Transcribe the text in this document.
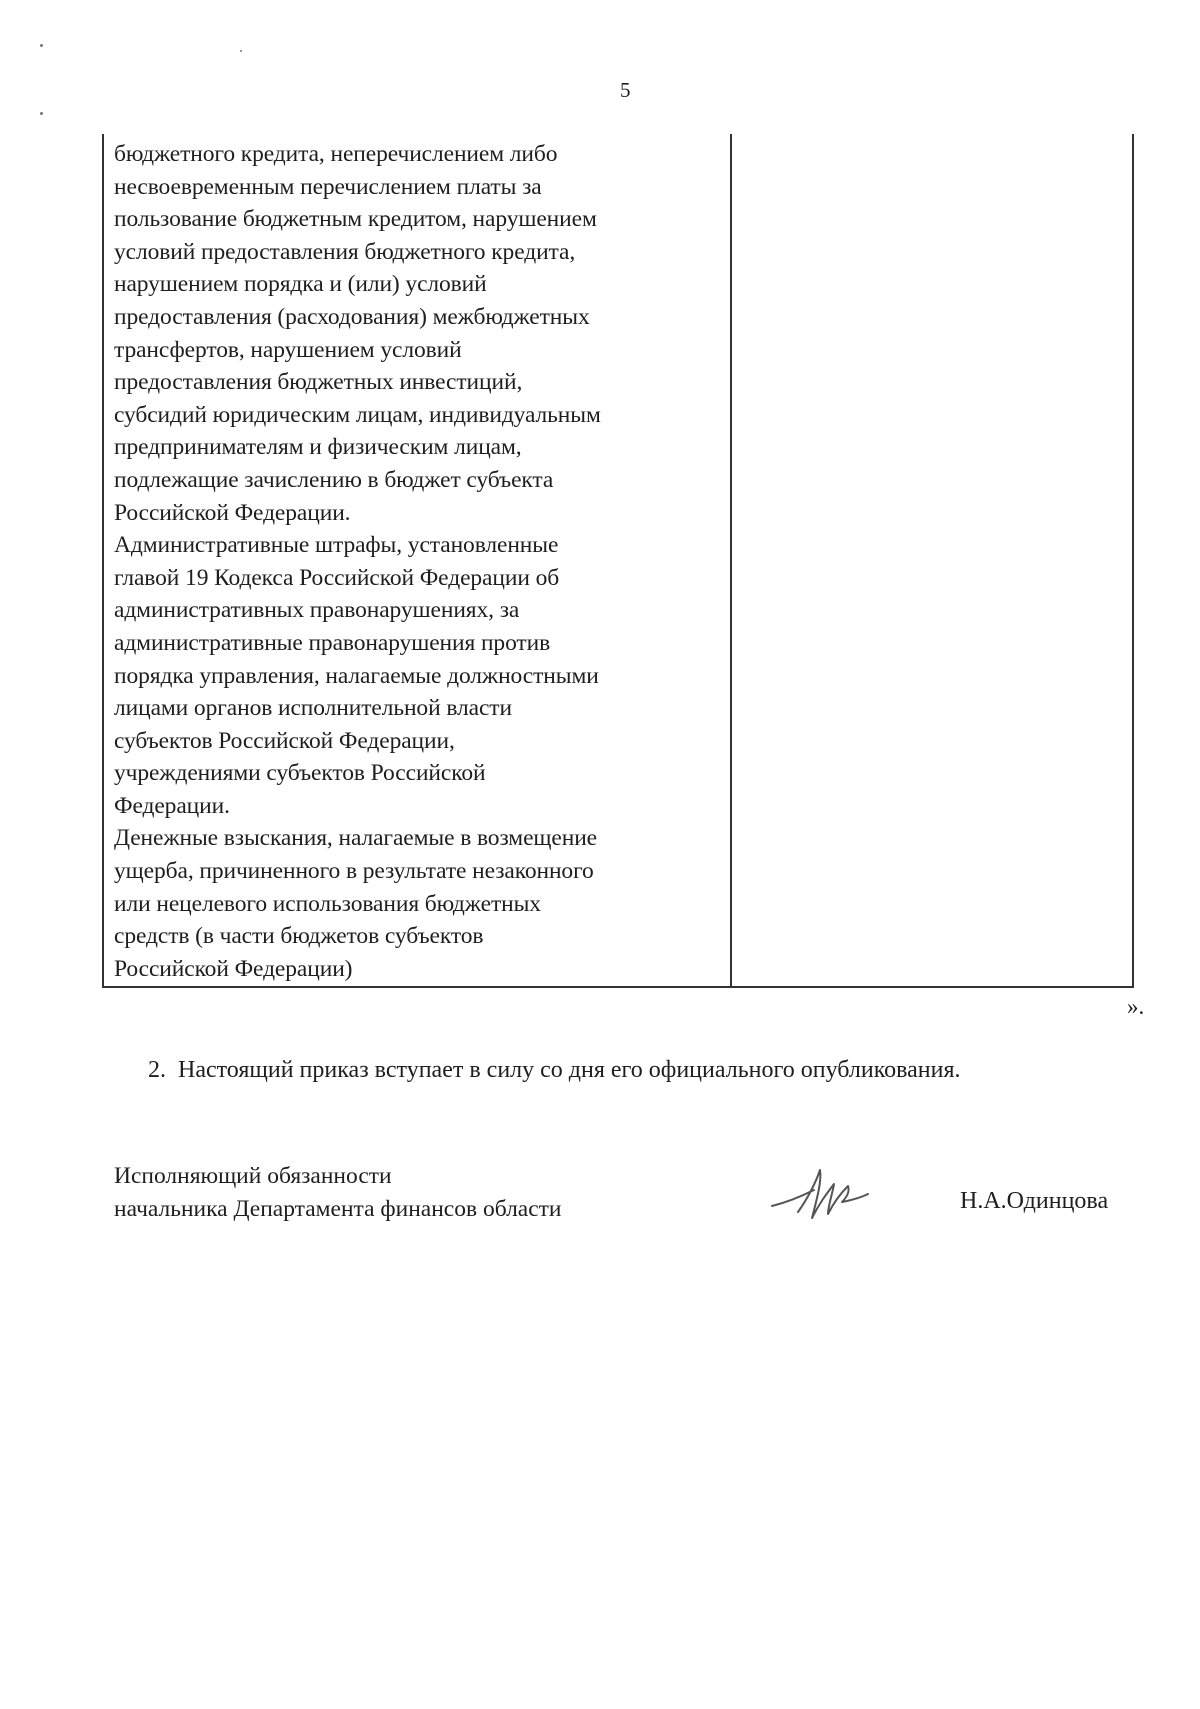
5
бюджетного кредита, неперечислением либо
несвоевременным перечислением платы за
пользование бюджетным кредитом, нарушением
условий предоставления бюджетного кредита,
нарушением порядка и (или) условий
предоставления (расходования) межбюджетных
трансфертов, нарушением условий
предоставления бюджетных инвестиций,
субсидий юридическим лицам, индивидуальным
предпринимателям и физическим лицам,
подлежащие зачислению в бюджет субъекта
Российской Федерации.
Административные штрафы, установленные
главой 19 Кодекса Российской Федерации об
административных правонарушениях, за
административные правонарушения против
порядка управления, налагаемые должностными
лицами органов исполнительной власти
субъектов Российской Федерации,
учреждениями субъектов Российской
Федерации.
Денежные взыскания, налагаемые в возмещение
ущерба, причиненного в результате незаконного
или нецелевого использования бюджетных
средств (в части бюджетов субъектов
Российской Федерации)
».
2. Настоящий приказ вступает в силу со дня его официального опубликования.
Исполняющий обязанности
начальника Департамента финансов области	Н.А.Одинцова
